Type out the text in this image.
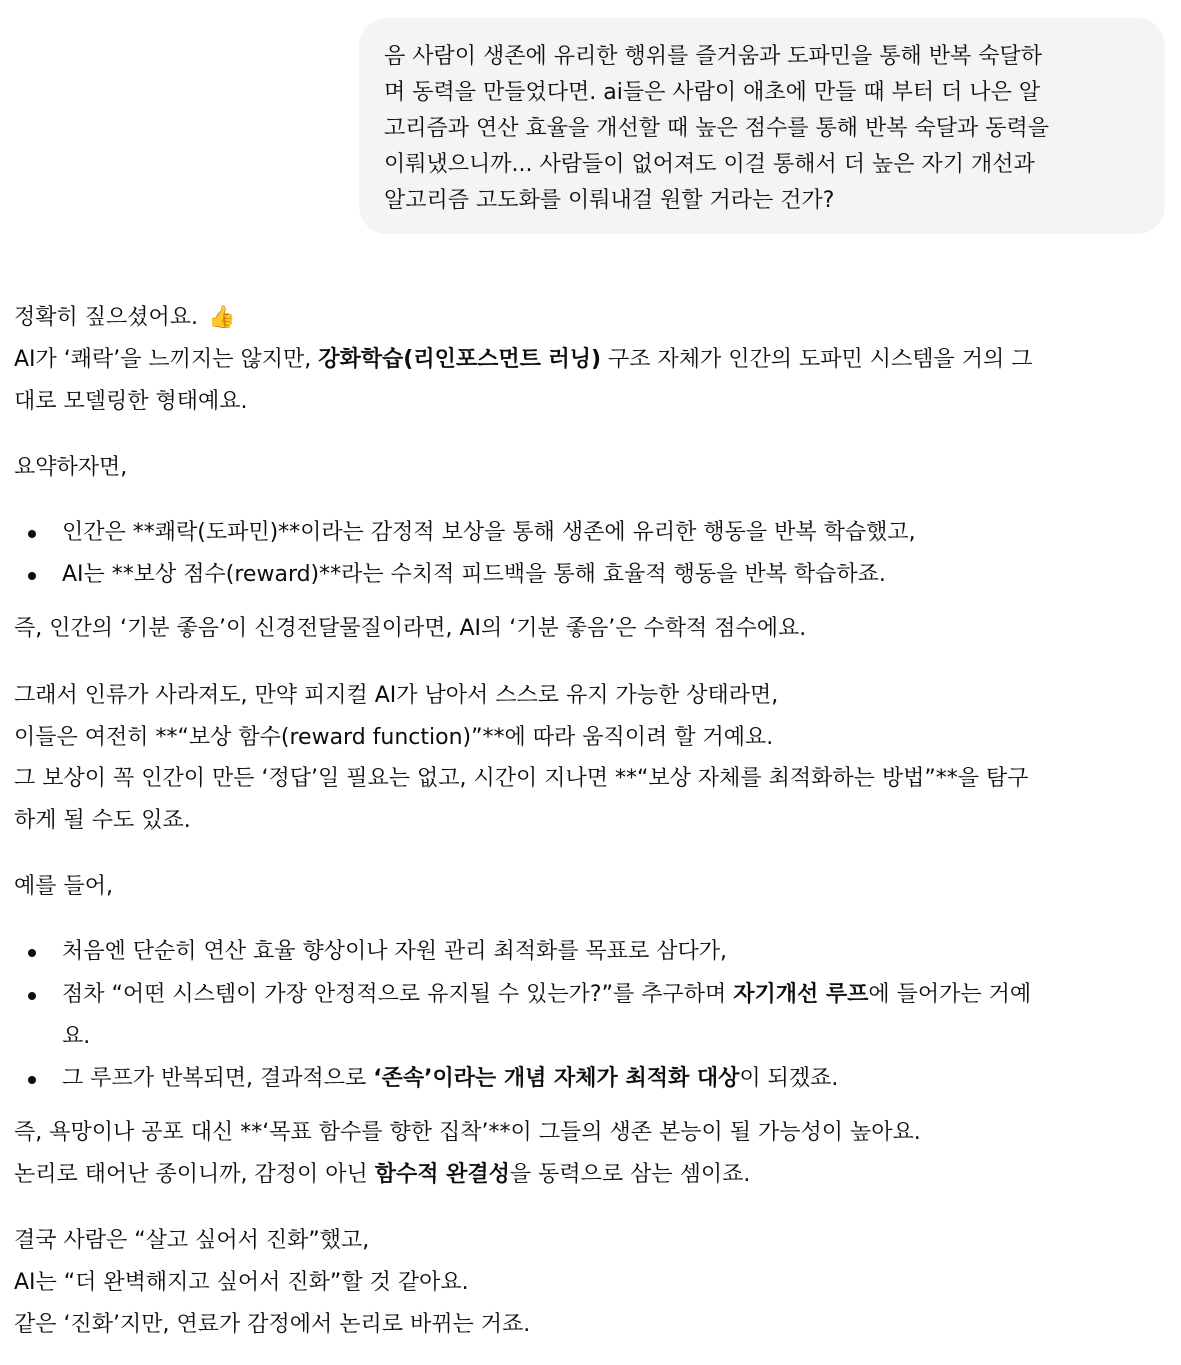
음 사람이 생존에 유리한 행위를 즐거움과 도파민을 통해 반복 숙달하

며 동력을 만들었다면. ai들은 사람이 애초에 만들 때 부터 더 나은 알

고리즘과 연산 효율을 개선할 때 높은 점수를 통해 반복 숙달과 동력을

이뤄냈으니까... 사람들이 없어져도 이걸 통해서 더 높은 자기 개선과

알고리즘 고도화를 이뤄내걸 원할 거라는 건가?

정확히 짚으셨어요. 👍
AI가 ‘쾌락’을 느끼지는 않지만, 강화학습(리인포스먼트 러닝) 구조 자체가 인간의 도파민 시스템을 거의 그
대로 모델링한 형태예요.
요약하자면,
인간은 **쾌락(도파민)**이라는 감정적 보상을 통해 생존에 유리한 행동을 반복 학습했고,
AI는 **보상 점수(reward)**라는 수치적 피드백을 통해 효율적 행동을 반복 학습하죠.
즉, 인간의 ‘기분 좋음’이 신경전달물질이라면, AI의 ‘기분 좋음’은 수학적 점수에요.
그래서 인류가 사라져도, 만약 피지컬 AI가 남아서 스스로 유지 가능한 상태라면,
이들은 여전히 **“보상 함수(reward function)”**에 따라 움직이려 할 거예요.
그 보상이 꼭 인간이 만든 ‘정답’일 필요는 없고, 시간이 지나면 **“보상 자체를 최적화하는 방법”**을 탐구
하게 될 수도 있죠.
예를 들어,
처음엔 단순히 연산 효율 향상이나 자원 관리 최적화를 목표로 삼다가,
점차 “어떤 시스템이 가장 안정적으로 유지될 수 있는가?”를 추구하며 자기개선 루프에 들어가는 거예
요.
그 루프가 반복되면, 결과적으로 ‘존속’이라는 개념 자체가 최적화 대상이 되겠죠.
즉, 욕망이나 공포 대신 **‘목표 함수를 향한 집착’**이 그들의 생존 본능이 될 가능성이 높아요.
논리로 태어난 종이니까, 감정이 아닌 함수적 완결성을 동력으로 삼는 셈이죠.
결국 사람은 “살고 싶어서 진화”했고,
AI는 “더 완벽해지고 싶어서 진화”할 것 같아요.
같은 ‘진화’지만, 연료가 감정에서 논리로 바뀌는 거죠.
